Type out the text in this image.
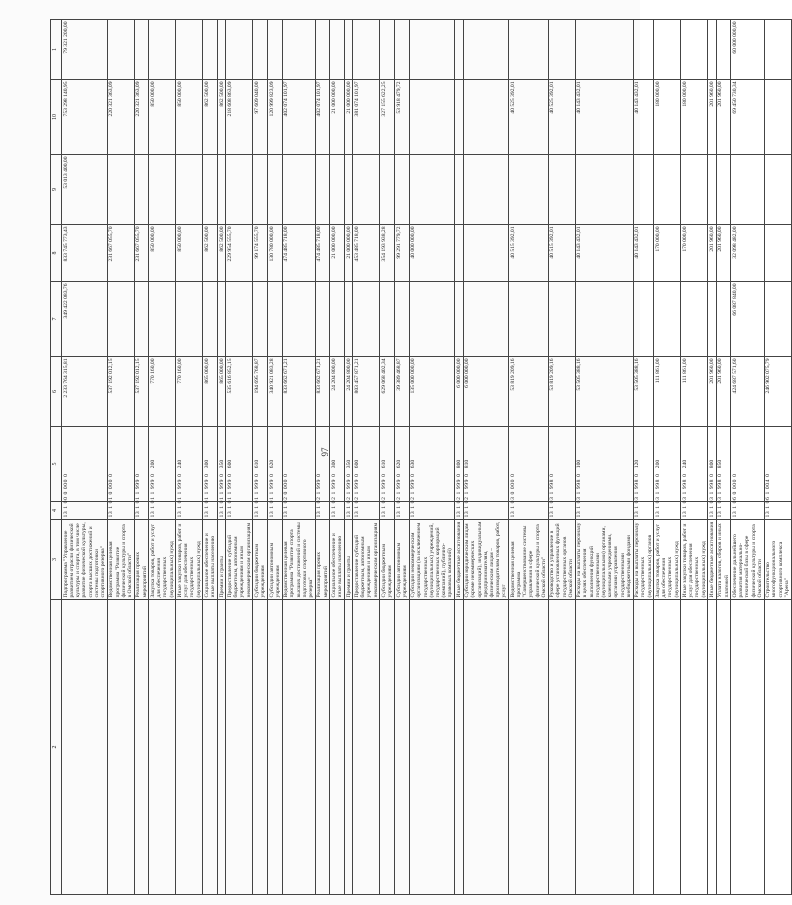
97
2	3	4	5	6	7	8	9	10	1
	Подпрограмма "Управление развитием отрасли физической культуры и спорта, в том числе развитие физической культуры, спорта высших достижений и системы подготовки спортивного резерва"	13 1 00 0 000 0		2 233 764 315,81	349 422 083,76	833 745 773,43	53 013 400,00	753 298 140,95	79 321 200,00
	Ведомственная целевая программа "Развитие физической культуры и спорта в Омской области"	13 1 01 0 000 0		537 192 012,15		231 667 055,70		220 321 363,09	
	Реализация прочих мероприятий	13 1 01 1 999 0		537 192 012,15		231 667 055,70		220 321 363,09	
	Закупка товаров, работ и услуг для обеспечения государственных (муниципальных) нужд	13 1 01 1 999 0	200	770 160,00		850 000,00		850 000,00	
	Иные закупки товаров, работ и услуг для обеспечения государственных (муниципальных) нужд	13 1 01 1 999 0	240	770 160,00		850 000,00		850 000,00	
	Социальное обеспечение и иные выплаты населению	13 1 01 1 999 0	300	865 000,00		862 500,00		862 500,00	
	Премии и гранты	13 1 01 1 999 0	350	865 000,00		862 500,00		862 500,00	
	Предоставление субсидий бюджетным, автономным учреждениям и иным некоммерческим организациям	13 1 01 1 999 0	600	535 616 852,15		229 954 555,70		218 608 863,09	
	Субсидии бюджетным учреждениям	13 1 01 1 999 0	610	194 695 768,87		99 174 555,70		97 609 040,00	
	Субсидии автономным учреждениям	13 1 01 1 999 0	620	340 921 083,28		130 780 000,00		120 999 823,09	
	Ведомственная целевая программа "Развитие спорта высших достижений и системы подготовки спортивного резерва"	13 1 02 0 000 0		833 662 671,21		474 485 718,00		402 074 101,97	
	Реализация прочих мероприятий	13 1 02 1 999 0		833 662 671,21		474 485 718,00		402 074 101,97	
	Социальное обеспечение и иные выплаты населению	13 1 02 1 999 0	300	24 204 800,00		21 000 000,00		21 000 000,00	
	Премии и гранты	13 1 02 1 999 0	350	24 204 800,00		21 000 000,00		21 000 000,00	
	Предоставление субсидий бюджетным, автономным учреждениям и иным некоммерческим организациям	13 1 02 1 999 0	600	803 457 871,21		453 485 718,00		381 074 101,97	
	Субсидии бюджетным учреждениям	13 1 02 1 999 0	610	629 068 402,34		354 193 938,28		327 155 622,25	
	Субсидии автономным учреждениям	13 1 02 1 999 0	620	39 389 468,87		99 291 779,72		53 918 479,72	
	Субсидии некоммерческим организациям (за исключением государственных (муниципальных) учреждений, государственных корпораций (компаний), публично-правовых компаний)	13 1 02 1 999 0	630	135 000 000,00		40 000 000,00			
	Иные бюджетные ассигнования	13 1 02 1 999 0	800	6 000 000,00					
	Субсидии юридическим лицам (кроме некоммерческих организаций), индивидуальным предпринимателям, физическим лицам – производителям товаров, работ, услуг	13 1 02 1 999 0	810	6 000 000,00					
	Ведомственная целевая программа "Совершенствование системы управления в сфере физической культуры и спорта Омской области"	13 1 03 0 000 0		53 819 209,16		40 515 392,01		40 525 392,01	
	Руководство и управление в сфере установленных функций государственных органов Омской области	13 1 03 1 998 0		53 819 209,16		40 515 392,01		40 525 392,01	
	Расходы на выплаты персоналу в целях обеспечения выполнения функций государственными (муниципальными) органами, казенными учреждениями, органами управления государственными внебюджетными фондами	13 1 03 1 998 0	100	53 505 388,16		40 143 432,01		40 143 432,01	
	Расходы на выплаты персоналу государственных (муниципальных) органов	13 1 03 1 998 0	120	53 505 388,16		40 143 432,01		40 143 432,01	
	Закупка товаров, работ и услуг для обеспечения государственных (муниципальных) нужд	13 1 03 1 998 0	200	111 861,00		170 000,00		180 000,00	
	Иные закупки товаров, работ и услуг для обеспечения государственных (муниципальных) нужд	13 1 03 1 998 0	240	111 861,00		170 000,00		180 000,00	
	Иные бюджетные ассигнования	13 1 03 1 998 0	800	201 960,00		201 960,00		201 960,00	
	Уплата налогов, сборов и иных платежей	13 1 03 1 998 0	850	201 960,00		201 960,00		201 960,00	
	Обеспечение дальнейшего развития материально-технической базы в сфере физической культуры и спорта Омской области	13 1 06 0 000 0		424 687 571,60	66 087 840,00	32 098 482,00		69 450 730,34	60 000 000,00
	Строительство многофункционального спортивного комплекса "Арена"	13 1 06 1 004 0		246 902 075,79					
